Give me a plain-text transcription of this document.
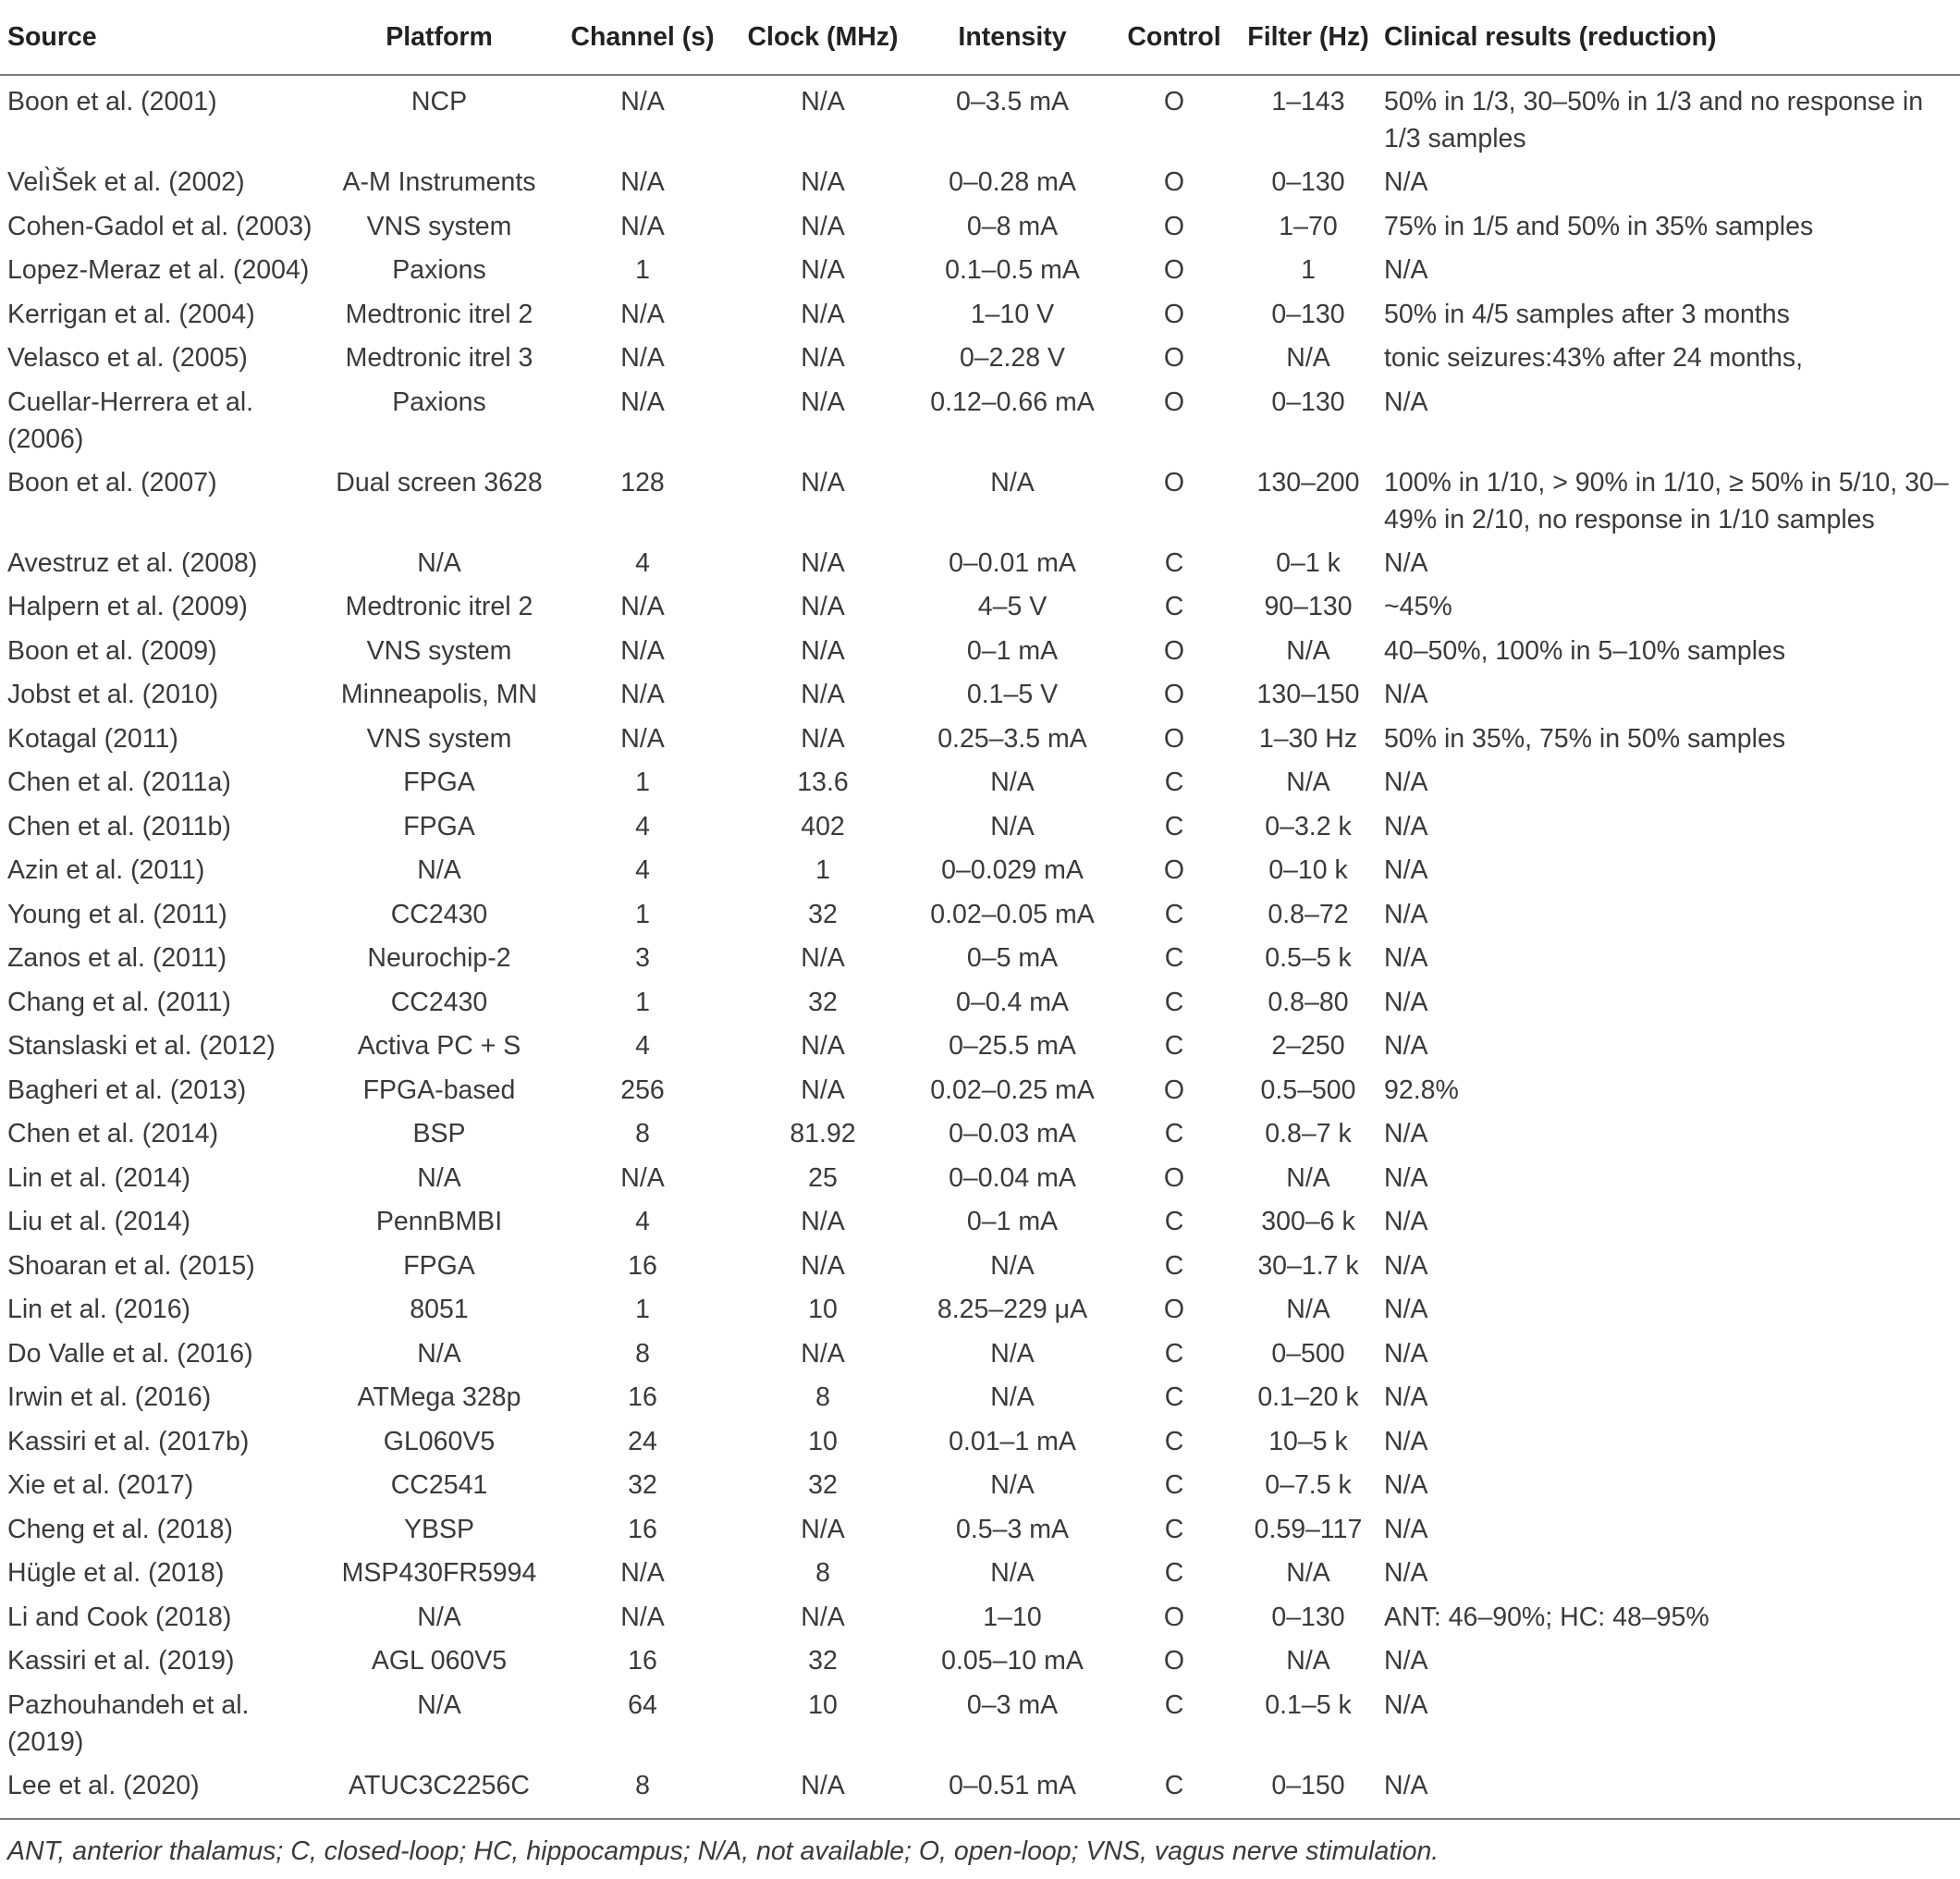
Source	Platform	Channel (s)	Clock (MHz)	Intensity	Control	Filter (Hz)	Clinical results (reduction)
Boon et al. (2001)	NCP	N/A	N/A	0–3.5 mA	O	1–143	50% in 1/3, 30–50% in 1/3 and no response in 1/3 samples
Velı̀Šek et al. (2002)	A-M Instruments	N/A	N/A	0–0.28 mA	O	0–130	N/A
Cohen-Gadol et al. (2003)	VNS system	N/A	N/A	0–8 mA	O	1–70	75% in 1/5 and 50% in 35% samples
Lopez-Meraz et al. (2004)	Paxions	1	N/A	0.1–0.5 mA	O	1	N/A
Kerrigan et al. (2004)	Medtronic itrel 2	N/A	N/A	1–10 V	O	0–130	50% in 4/5 samples after 3 months
Velasco et al. (2005)	Medtronic itrel 3	N/A	N/A	0–2.28 V	O	N/A	tonic seizures:43% after 24 months,
Cuellar-Herrera et al. (2006)	Paxions	N/A	N/A	0.12–0.66 mA	O	0–130	N/A
Boon et al. (2007)	Dual screen 3628	128	N/A	N/A	O	130–200	100% in 1/10, > 90% in 1/10, ≥ 50% in 5/10, 30–49% in 2/10, no response in 1/10 samples
Avestruz et al. (2008)	N/A	4	N/A	0–0.01 mA	C	0–1 k	N/A
Halpern et al. (2009)	Medtronic itrel 2	N/A	N/A	4–5 V	C	90–130	~45%
Boon et al. (2009)	VNS system	N/A	N/A	0–1 mA	O	N/A	40–50%, 100% in 5–10% samples
Jobst et al. (2010)	Minneapolis, MN	N/A	N/A	0.1–5 V	O	130–150	N/A
Kotagal (2011)	VNS system	N/A	N/A	0.25–3.5 mA	O	1–30 Hz	50% in 35%, 75% in 50% samples
Chen et al. (2011a)	FPGA	1	13.6	N/A	C	N/A	N/A
Chen et al. (2011b)	FPGA	4	402	N/A	C	0–3.2 k	N/A
Azin et al. (2011)	N/A	4	1	0–0.029 mA	O	0–10 k	N/A
Young et al. (2011)	CC2430	1	32	0.02–0.05 mA	C	0.8–72	N/A
Zanos et al. (2011)	Neurochip-2	3	N/A	0–5 mA	C	0.5–5 k	N/A
Chang et al. (2011)	CC2430	1	32	0–0.4 mA	C	0.8–80	N/A
Stanslaski et al. (2012)	Activa PC + S	4	N/A	0–25.5 mA	C	2–250	N/A
Bagheri et al. (2013)	FPGA-based	256	N/A	0.02–0.25 mA	O	0.5–500	92.8%
Chen et al. (2014)	BSP	8	81.92	0–0.03 mA	C	0.8–7 k	N/A
Lin et al. (2014)	N/A	N/A	25	0–0.04 mA	O	N/A	N/A
Liu et al. (2014)	PennBMBI	4	N/A	0–1 mA	C	300–6 k	N/A
Shoaran et al. (2015)	FPGA	16	N/A	N/A	C	30–1.7 k	N/A
Lin et al. (2016)	8051	1	10	8.25–229 μA	O	N/A	N/A
Do Valle et al. (2016)	N/A	8	N/A	N/A	C	0–500	N/A
Irwin et al. (2016)	ATMega 328p	16	8	N/A	C	0.1–20 k	N/A
Kassiri et al. (2017b)	GL060V5	24	10	0.01–1 mA	C	10–5 k	N/A
Xie et al. (2017)	CC2541	32	32	N/A	C	0–7.5 k	N/A
Cheng et al. (2018)	YBSP	16	N/A	0.5–3 mA	C	0.59–117	N/A
Hügle et al. (2018)	MSP430FR5994	N/A	8	N/A	C	N/A	N/A
Li and Cook (2018)	N/A	N/A	N/A	1–10	O	0–130	ANT: 46–90%; HC: 48–95%
Kassiri et al. (2019)	AGL 060V5	16	32	0.05–10 mA	O	N/A	N/A
Pazhouhandeh et al. (2019)	N/A	64	10	0–3 mA	C	0.1–5 k	N/A
Lee et al. (2020)	ATUC3C2256C	8	N/A	0–0.51 mA	C	0–150	N/A
ANT, anterior thalamus; C, closed-loop; HC, hippocampus; N/A, not available; O, open-loop; VNS, vagus nerve stimulation.							
